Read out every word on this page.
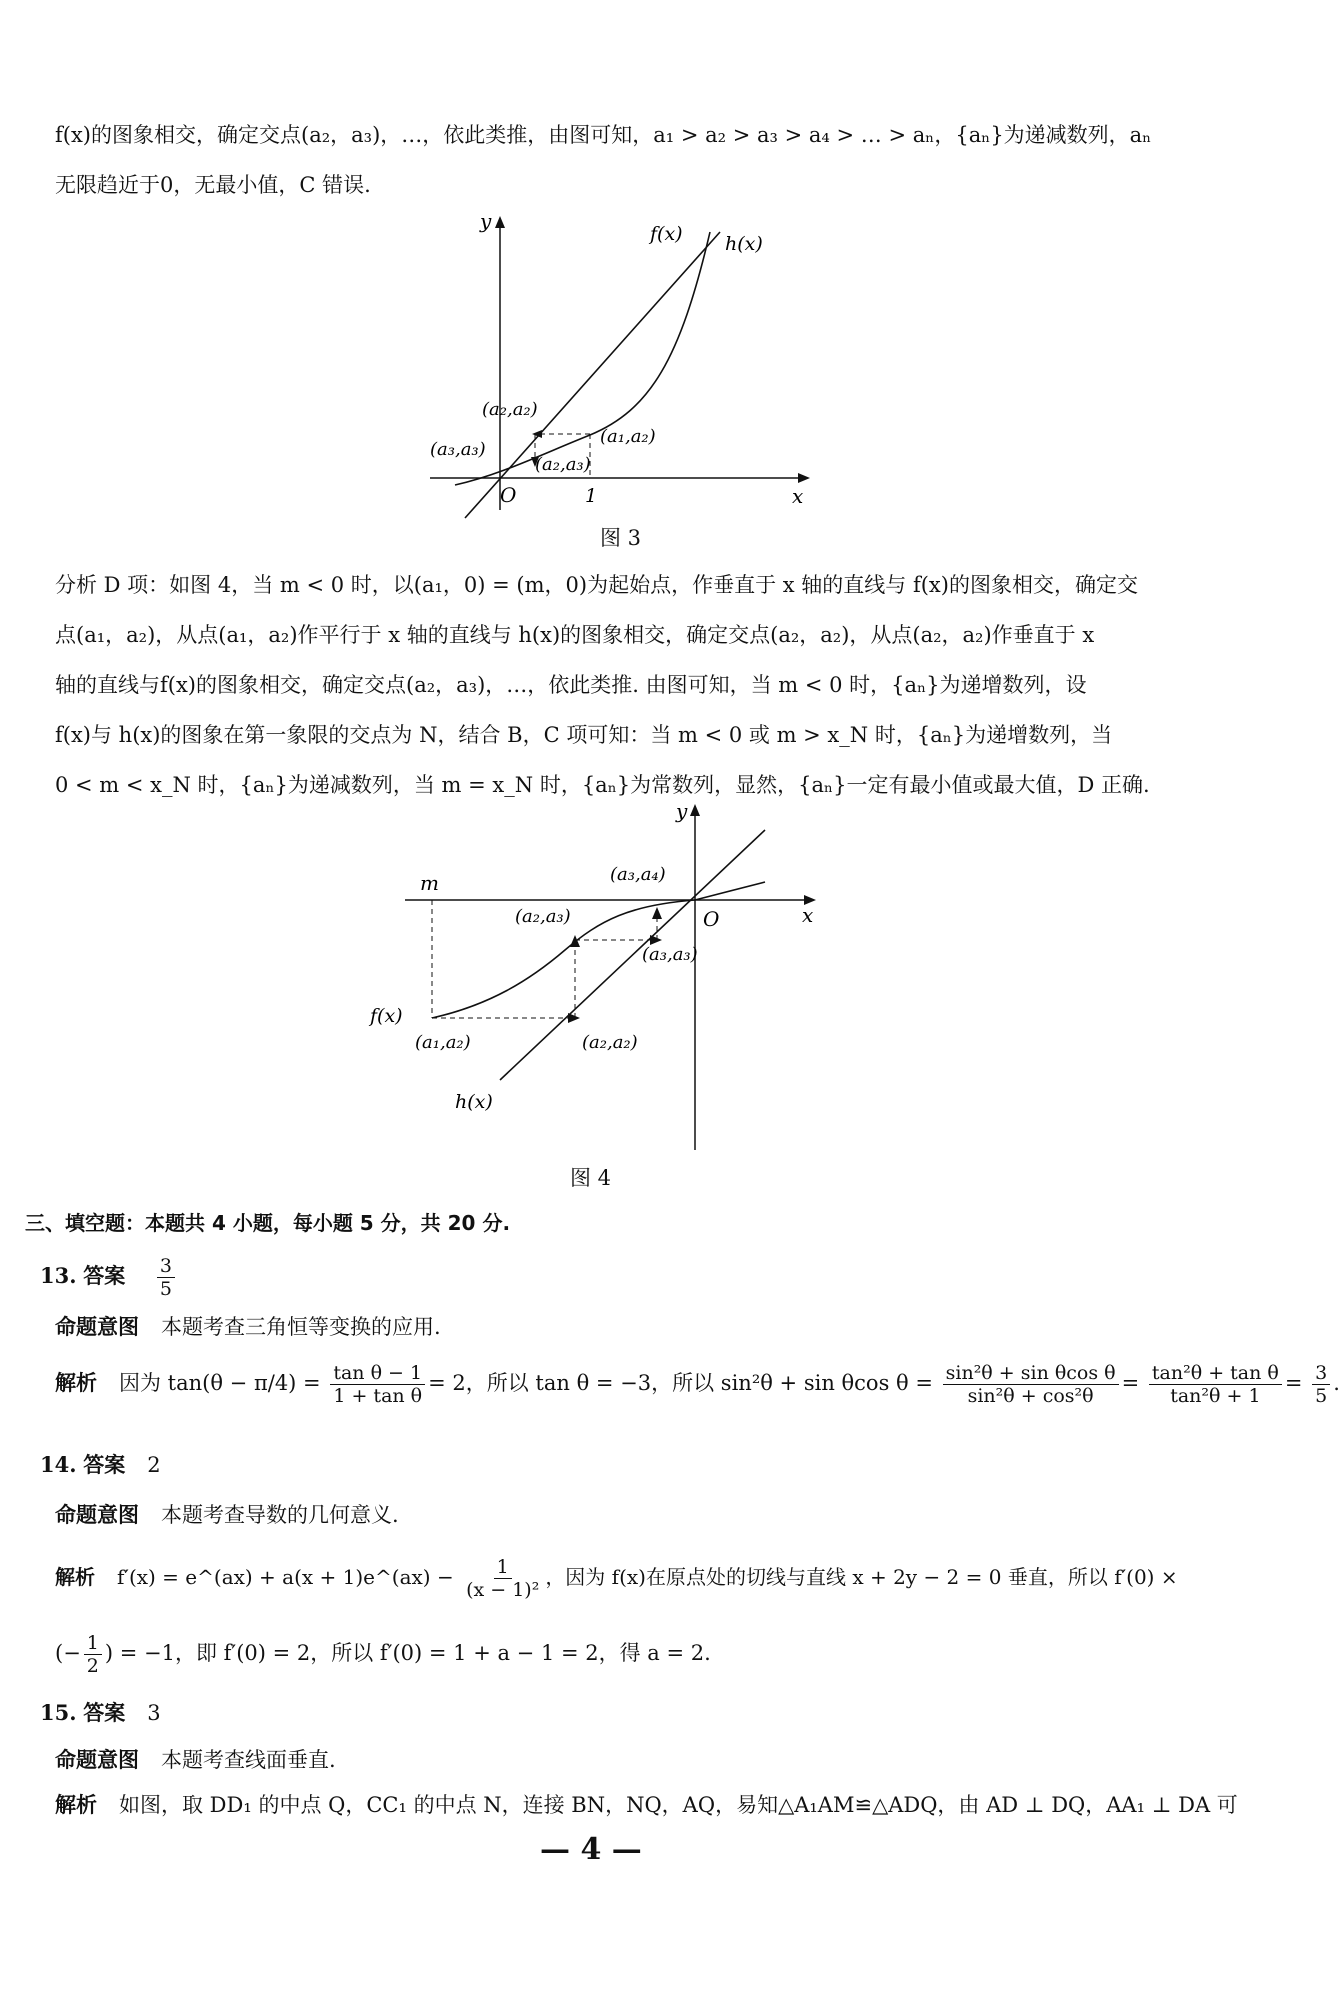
f(x)的图象相交，确定交点(a₂，a₃)，…，依此类推，由图可知，a₁ > a₂ > a₃ > a₄ > … > aₙ，{aₙ}为递减数列，aₙ
无限趋近于0，无最小值，C 错误.
y
x
O	1
f(x) h(x)
(a₂,a₂)
(a₁,a₂)
(a₃,a₃)
(a₂,a₃)
图 3
分析 D 项：如图 4，当 m < 0 时，以(a₁，0) = (m，0)为起始点，作垂直于 x 轴的直线与 f(x)的图象相交，确定交
点(a₁，a₂)，从点(a₁，a₂)作平行于 x 轴的直线与 h(x)的图象相交，确定交点(a₂，a₂)，从点(a₂，a₂)作垂直于 x
轴的直线与f(x)的图象相交，确定交点(a₂，a₃)，…，依此类推. 由图可知，当 m < 0 时，{aₙ}为递增数列，设
f(x)与 h(x)的图象在第一象限的交点为 N，结合 B，C 项可知：当 m < 0 或 m > x_N 时，{aₙ}为递增数列，当
0 < m < x_N 时，{aₙ}为递减数列，当 m = x_N 时，{aₙ}为常数列，显然，{aₙ}一定有最小值或最大值，D 正确.
y
x
O
m
f(x)
h(x)
(a₃,a₄)
(a₂,a₃)
(a₃,a₃)
(a₁,a₂)	(a₂,a₂)
图 4
三、填空题：本题共 4 小题，每小题 5 分，共 20 分.
13. 答案 $\frac{3}{5}$
命题意图 本题考查三角恒等变换的应用.
解析 因为 $\tan(\theta - \pi/4) = \frac{\text{tan θ − 1}}{\text{1 + tan θ}} = 2$，所以 tan θ = −3，所以 sin²θ + sin θcos $\theta = \frac{\text{sin²θ + sin θcos θ}}{\text{sin²θ + cos²θ}} = \frac{\text{tan²θ + tan θ}}{\text{tan²θ + 1}} = \frac{3}{5}$ .
14. 答案 2
命题意图 本题考查导数的几何意义.
解析 f′(x) = e^(ax) + a(x + 1)e^(ax) − $\frac{1}{\text{(x − 1)²}}$ ，因为 f(x)在原点处的切线与直线 x + 2y − 2 = 0 垂直，所以 f′(0) ×
(− $\frac{1}{2}$ ) = −1，即 f′(0) = 2，所以 f′(0) = 1 + a − 1 = 2，得 a = 2.
15. 答案 3
命题意图 本题考查线面垂直.
解析 如图，取 DD₁ 的中点 Q，CC₁ 的中点 N，连接 BN，NQ，AQ，易知△A₁AM≌△ADQ，由 AD ⊥ DQ，AA₁ ⊥ DA 可
— 4 —
